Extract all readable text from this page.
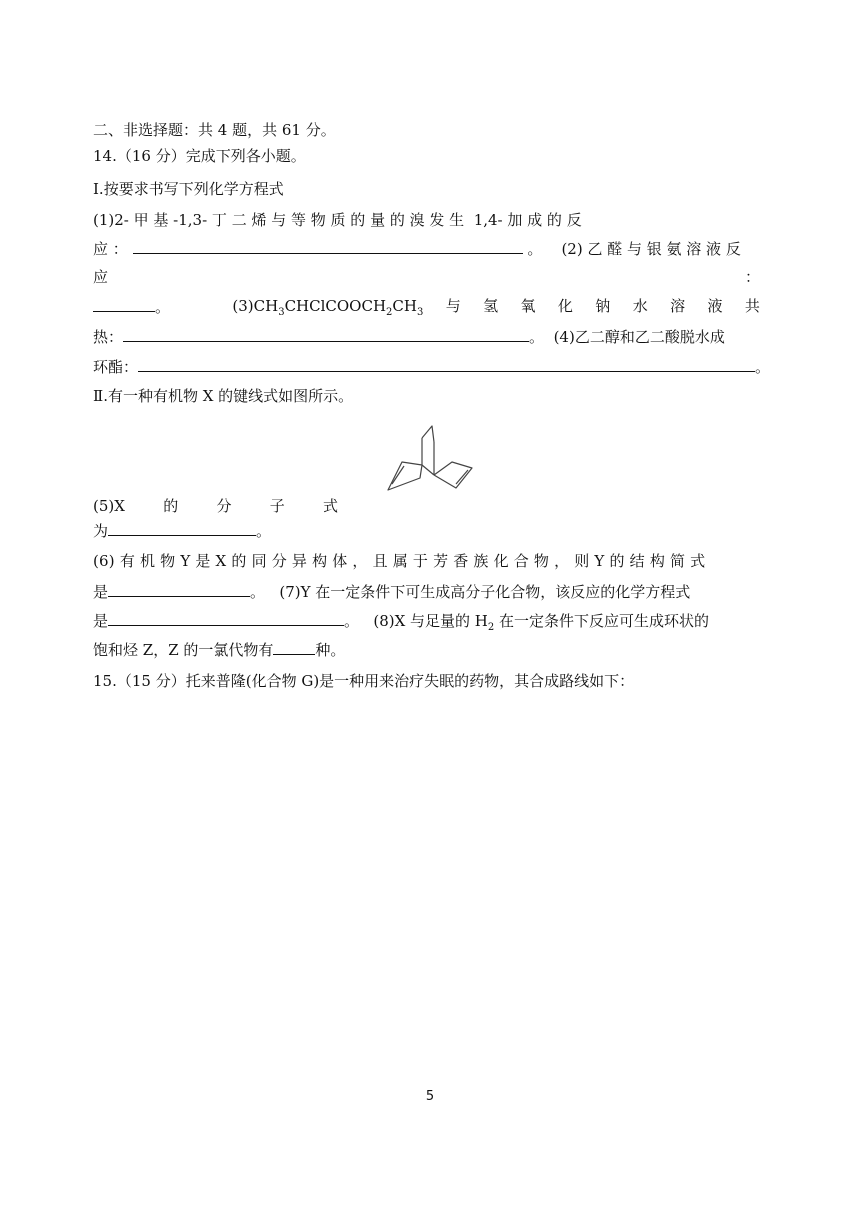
二、非选择题：共 4 题，共 61 分。
14.（16 分）完成下列各小题。
Ⅰ.按要求书写下列化学方程式
(1)2- 甲 基 -1,3- 丁 二 烯 与 等 物 质 的 量 的 溴 发 生 1,4- 加 成 的 反
应 ：	。 (2) 乙 醛 与 银 氨 溶 液 反
应	：
。	$(3)CH_3CHClCOOCH_2CH_3$ 与 氢 氧 化 钠 水 溶 液 共
热：	。 (4)乙二醇和乙二酸脱水成
环酯：	。
Ⅱ.有一种有机物 X 的键线式如图所示。
(5)X	的	分	子	式
为	。
(6) 有 机 物 Y 是 X 的 同 分 异 构 体 ， 且 属 于 芳 香 族 化 合 物 ， 则 Y 的 结 构 简 式
是	。 (7)Y 在一定条件下可生成高分子化合物，该反应的化学方程式
是	。 (8)X 与足量的 $H_2$ 在一定条件下反应可生成环状的
饱和烃 Z，Z 的一氯代物有	种。
15.（15 分）托来普隆(化合物 G)是一种用来治疗失眠的药物，其合成路线如下：
5
